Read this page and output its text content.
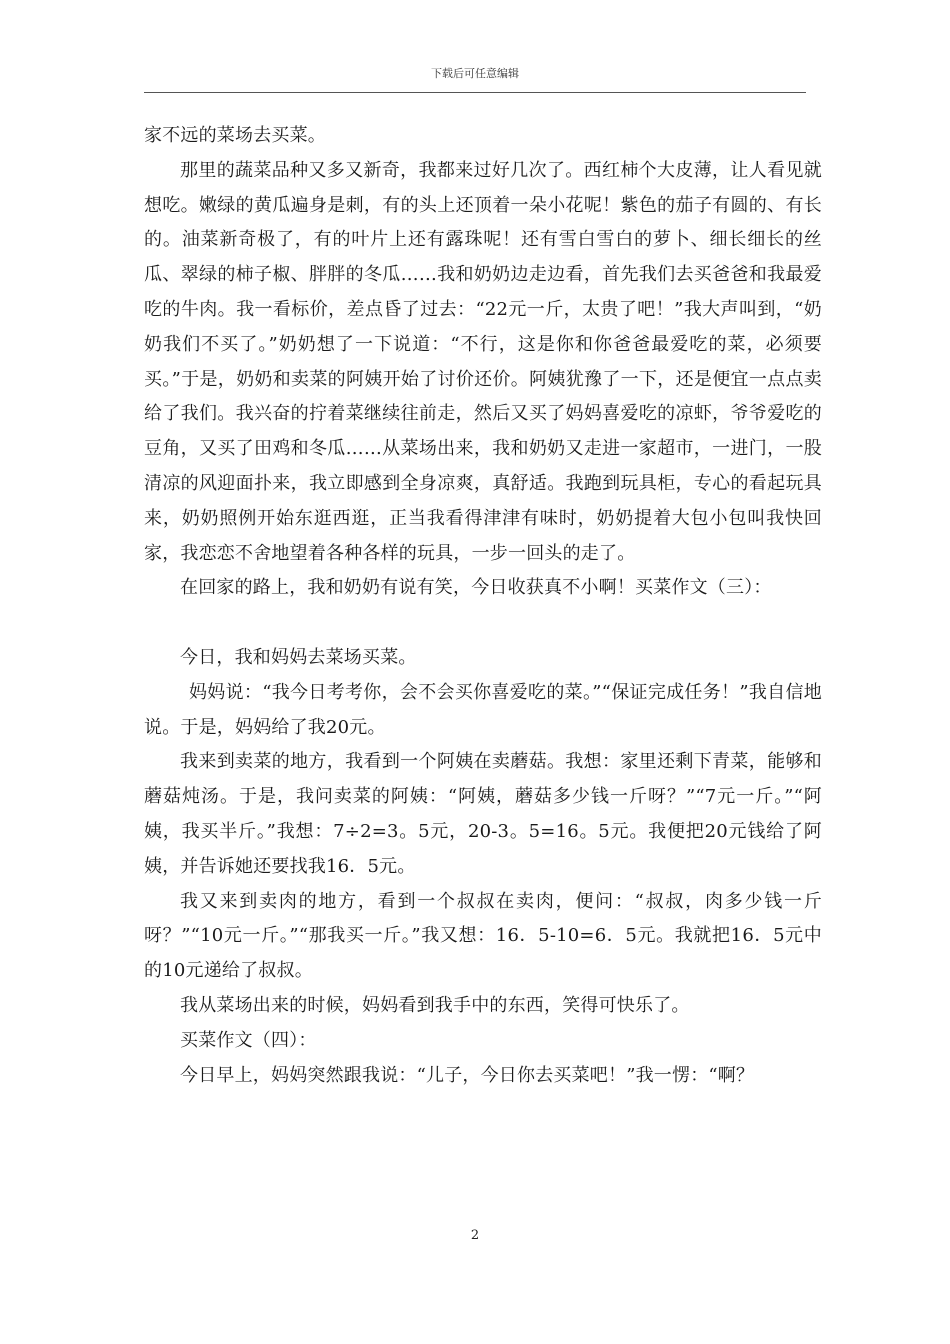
下载后可任意编辑

家不远的菜场去买菜。

那里的蔬菜品种又多又新奇，我都来过好几次了。西红柿个大皮薄，让人看见就想吃。嫩绿的黄瓜遍身是刺，有的头上还顶着一朵小花呢！紫色的茄子有圆的、有长的。油菜新奇极了，有的叶片上还有露珠呢！还有雪白雪白的萝卜、细长细长的丝瓜、翠绿的柿子椒、胖胖的冬瓜……我和奶奶边走边看，首先我们去买爸爸和我最爱吃的牛肉。我一看标价，差点昏了过去：“22元一斤，太贵了吧！”我大声叫到，“奶奶我们不买了。”奶奶想了一下说道：“不行，这是你和你爸爸最爱吃的菜，必须要买。”于是，奶奶和卖菜的阿姨开始了讨价还价。阿姨犹豫了一下，还是便宜一点点卖给了我们。我兴奋的拧着菜继续往前走，然后又买了妈妈喜爱吃的凉虾，爷爷爱吃的豆角，又买了田鸡和冬瓜……从菜场出来，我和奶奶又走进一家超市，一进门，一股清凉的风迎面扑来，我立即感到全身凉爽，真舒适。我跑到玩具柜，专心的看起玩具来，奶奶照例开始东逛西逛，正当我看得津津有味时，奶奶提着大包小包叫我快回家，我恋恋不舍地望着各种各样的玩具，一步一回头的走了。

在回家的路上，我和奶奶有说有笑，今日收获真不小啊！买菜作文（三）：

今日，我和妈妈去菜场买菜。

妈妈说：“我今日考考你，会不会买你喜爱吃的菜。”“保证完成任务！”我自信地说。于是，妈妈给了我20元。

我来到卖菜的地方，我看到一个阿姨在卖蘑菇。我想：家里还剩下青菜，能够和蘑菇炖汤。于是，我问卖菜的阿姨：“阿姨，蘑菇多少钱一斤呀？”“7元一斤。”“阿姨，我买半斤。”我想：7÷2=3。5元，20-3。5=16。5元。我便把20元钱给了阿姨，并告诉她还要找我16．5元。

我又来到卖肉的地方，看到一个叔叔在卖肉，便问：“叔叔，肉多少钱一斤呀？”“10元一斤。”“那我买一斤。”我又想：16．5-10=6．5元。我就把16．5元中的10元递给了叔叔。

我从菜场出来的时候，妈妈看到我手中的东西，笑得可快乐了。

买菜作文（四）：

今日早上，妈妈突然跟我说：“儿子，今日你去买菜吧！”我一愣：“啊？

2
